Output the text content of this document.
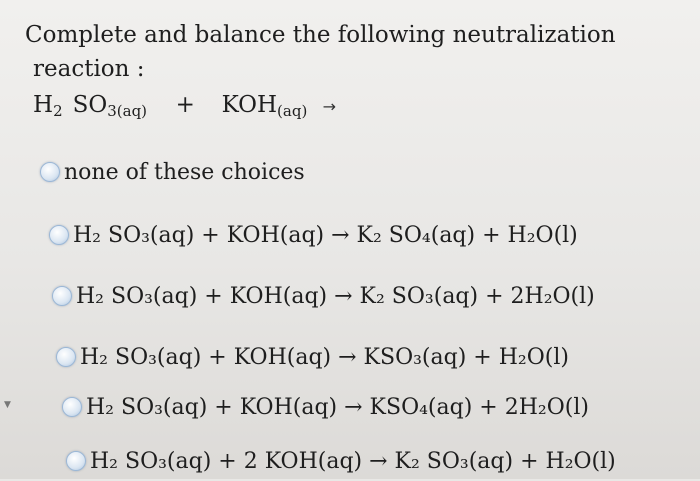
Complete and balance the following neutralization
reaction :
$H_2$ $SO_{3(aq)} + KOH_{(aq)}$ →
none of these choices
H₂ SO₃(aq) + KOH(aq) → K₂ SO₄(aq) + H₂O(l)
H₂ SO₃(aq) + KOH(aq) → K₂ SO₃(aq) + 2H₂O(l)
H₂ SO₃(aq) + KOH(aq) → KSO₃(aq) + H₂O(l)
H₂ SO₃(aq) + KOH(aq) → KSO₄(aq) + 2H₂O(l)
H₂ SO₃(aq) + 2 KOH(aq) → K₂ SO₃(aq) + H₂O(l)
▼
